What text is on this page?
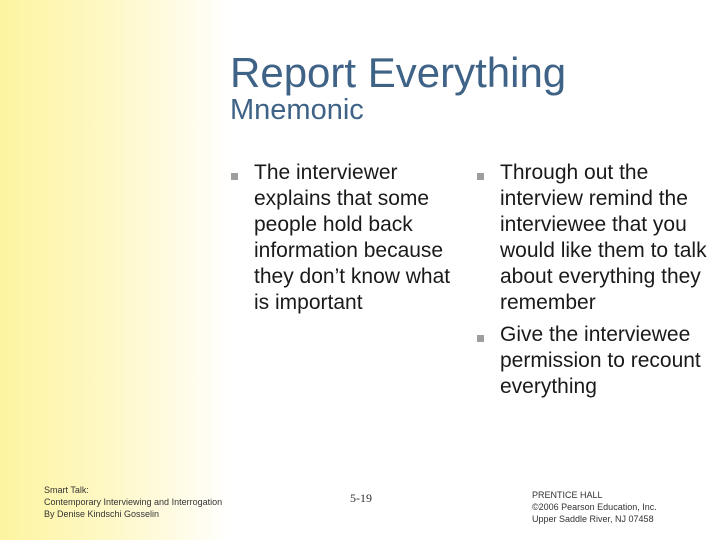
Report Everything
Mnemonic
The interviewer explains that some people hold back information because they don’t know what is important
Through out the interview remind the interviewee that you would like them to talk about everything they remember
Give the interviewee permission to recount everything
Smart Talk:
Contemporary Interviewing and Interrogation
By Denise Kindschi Gosselin
5-19	PRENTICE HALL
©2006 Pearson Education, Inc.
Upper Saddle River, NJ 07458
